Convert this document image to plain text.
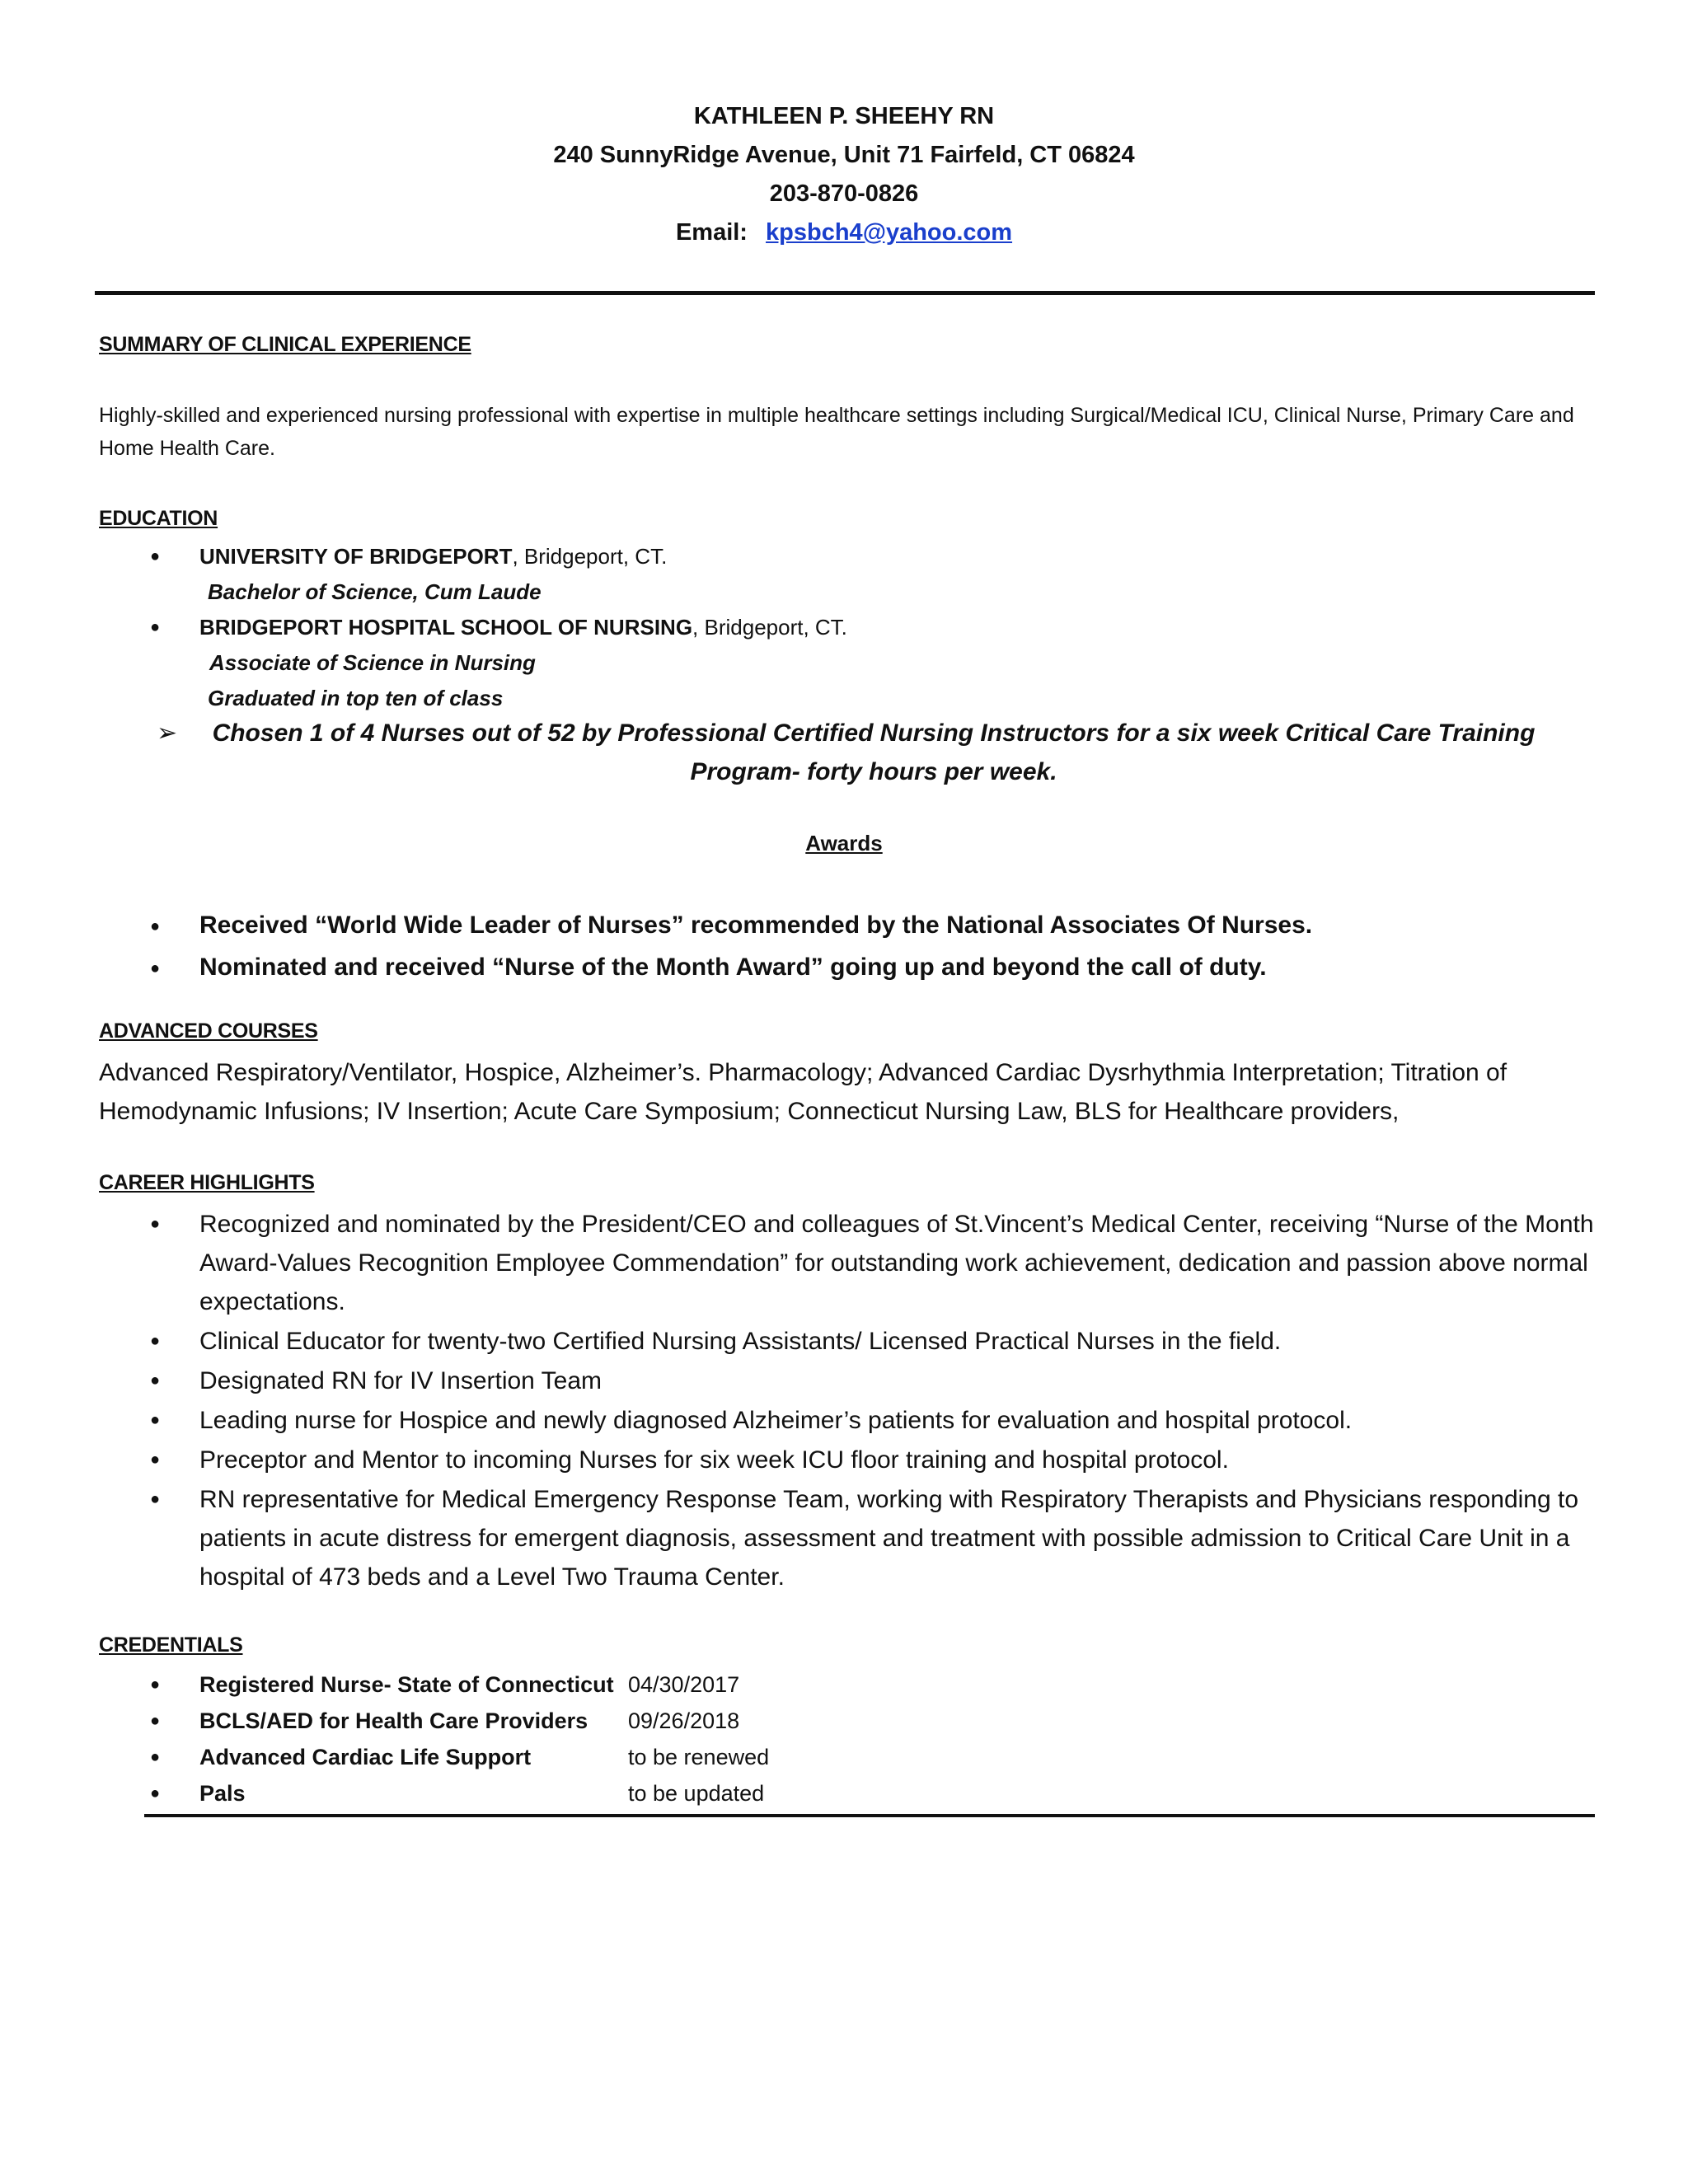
KATHLEEN P. SHEEHY RN
240 SunnyRidge Avenue, Unit 71 Fairfeld, CT 06824
203-870-0826
Email: kpsbch4@yahoo.com
SUMMARY OF CLINICAL EXPERIENCE
Highly-skilled and experienced nursing professional with expertise in multiple healthcare settings including Surgical/Medical ICU, Clinical Nurse, Primary Care and Home Health Care.
EDUCATION
● UNIVERSITY OF BRIDGEPORT, Bridgeport, CT.
Bachelor of Science, Cum Laude
● BRIDGEPORT HOSPITAL SCHOOL OF NURSING, Bridgeport, CT.
Associate of Science in Nursing
Graduated in top ten of class
➢	Chosen 1 of 4 Nurses out of 52 by Professional Certified Nursing Instructors for a six week Critical Care Training Program- forty hours per week.
Awards
● Received “World Wide Leader of Nurses” recommended by the National Associates Of Nurses.
● Nominated and received “Nurse of the Month Award” going up and beyond the call of duty.
ADVANCED COURSES
Advanced Respiratory/Ventilator, Hospice, Alzheimer’s. Pharmacology; Advanced Cardiac Dysrhythmia Interpretation; Titration of Hemodynamic Infusions; IV Insertion; Acute Care Symposium; Connecticut Nursing Law, BLS for Healthcare providers,
CAREER HIGHLIGHTS
● Recognized and nominated by the President/CEO and colleagues of St.Vincent’s Medical Center, receiving “Nurse of the Month Award-Values Recognition Employee Commendation” for outstanding work achievement, dedication and passion above normal expectations.
● Clinical Educator for twenty-two Certified Nursing Assistants/ Licensed Practical Nurses in the field.
● Designated RN for IV Insertion Team
● Leading nurse for Hospice and newly diagnosed Alzheimer’s patients for evaluation and hospital protocol.
● Preceptor and Mentor to incoming Nurses for six week ICU floor training and hospital protocol.
● RN representative for Medical Emergency Response Team, working with Respiratory Therapists and Physicians responding to patients in acute distress for emergent diagnosis, assessment and treatment with possible admission to Critical Care Unit in a hospital of 473 beds and a Level Two Trauma Center.
CREDENTIALS
● Registered Nurse- State of Connecticut 04/30/2017
● BCLS/AED for Health Care Providers	09/26/2018
● Advanced Cardiac Life Support	to be renewed
● Pals	to be updated
